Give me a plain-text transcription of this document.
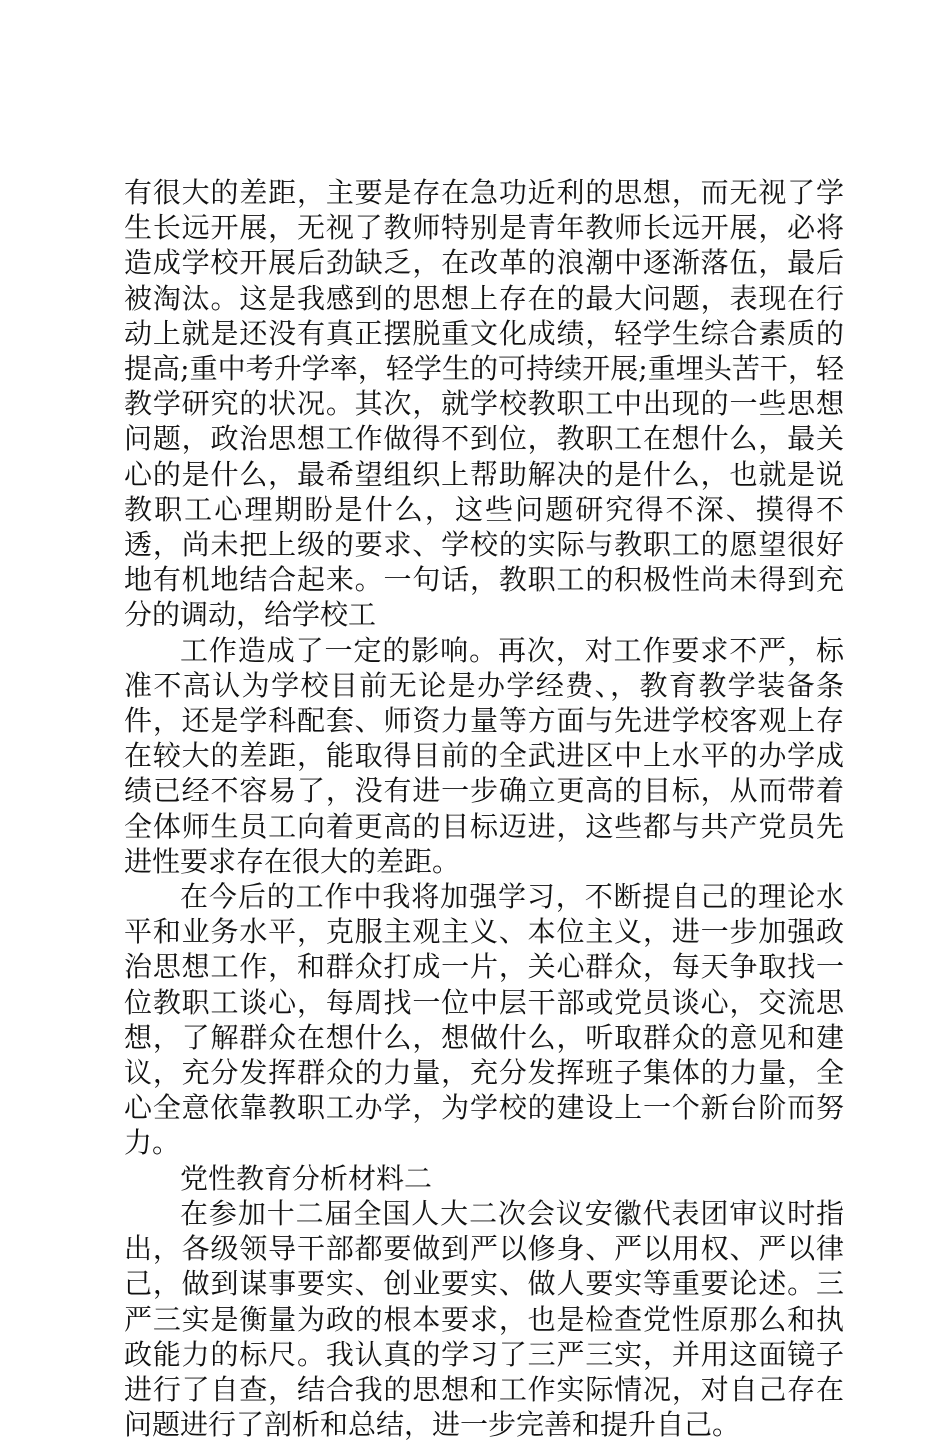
有很大的差距，主要是存在急功近利的思想，而无视了学生长远开展，无视了教师特别是青年教师长远开展，必将造成学校开展后劲缺乏，在改革的浪潮中逐渐落伍，最后被淘汰。这是我感到的思想上存在的最大问题，表现在行动上就是还没有真正摆脱重文化成绩，轻学生综合素质的提高;重中考升学率，轻学生的可持续开展;重埋头苦干，轻教学研究的状况。其次，就学校教职工中出现的一些思想问题，政治思想工作做得不到位，教职工在想什么，最关心的是什么，最希望组织上帮助解决的是什么，也就是说教职工心理期盼是什么，这些问题研究得不深、摸得不透，尚未把上级的要求、学校的实际与教职工的愿望很好地有机地结合起来。一句话，教职工的积极性尚未得到充分的调动，给学校工

工作造成了一定的影响。再次，对工作要求不严，标准不高认为学校目前无论是办学经费、，教育教学装备条件，还是学科配套、师资力量等方面与先进学校客观上存在较大的差距，能取得目前的全武进区中上水平的办学成绩已经不容易了，没有进一步确立更高的目标，从而带着全体师生员工向着更高的目标迈进，这些都与共产党员先进性要求存在很大的差距。

在今后的工作中我将加强学习，不断提自己的理论水平和业务水平，克服主观主义、本位主义，进一步加强政治思想工作，和群众打成一片，关心群众，每天争取找一位教职工谈心，每周找一位中层干部或党员谈心，交流思想，了解群众在想什么，想做什么，听取群众的意见和建议，充分发挥群众的力量，充分发挥班子集体的力量，全心全意依靠教职工办学，为学校的建设上一个新台阶而努力。

党性教育分析材料二

在参加十二届全国人大二次会议安徽代表团审议时指出，各级领导干部都要做到严以修身、严以用权、严以律己，做到谋事要实、创业要实、做人要实等重要论述。三严三实是衡量为政的根本要求，也是检查党性原那么和执政能力的标尺。我认真的学习了三严三实，并用这面镜子进行了自查，结合我的思想和工作实际情况，对自己存在问题进行了剖析和总结，进一步完善和提升自己。
